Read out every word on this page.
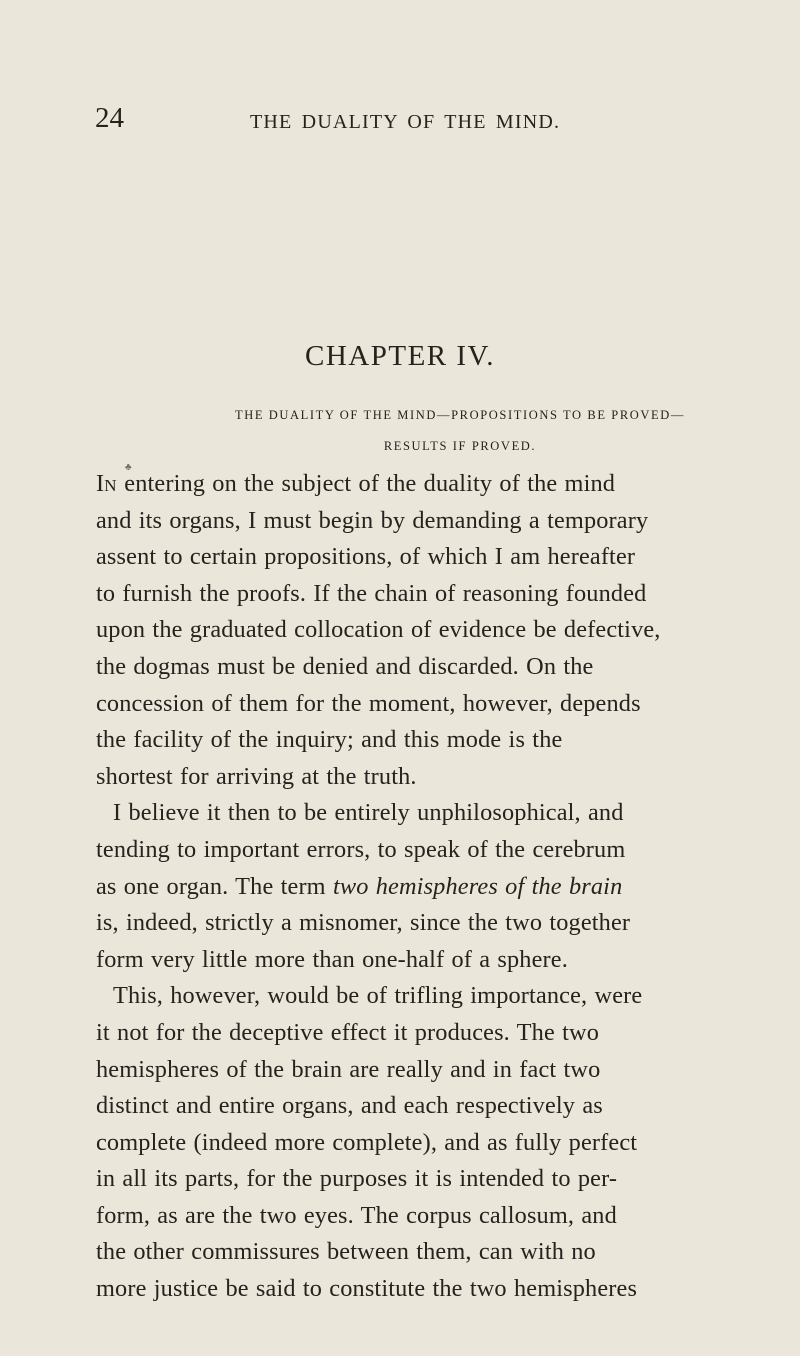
24	THE DUALITY OF THE MIND.
CHAPTER IV.
THE DUALITY OF THE MIND—PROPOSITIONS TO BE PROVED—
RESULTS IF PROVED.
♣
IN entering on the subject of the duality of the mind
and its organs, I must begin by demanding a temporary
assent to certain propositions, of which I am hereafter
to furnish the proofs. If the chain of reasoning founded
upon the graduated collocation of evidence be defective,
the dogmas must be denied and discarded. On the
concession of them for the moment, however, depends
the facility of the inquiry; and this mode is the
shortest for arriving at the truth.
I believe it then to be entirely unphilosophical, and
tending to important errors, to speak of the cerebrum
as one organ. The term two hemispheres of the brain
is, indeed, strictly a misnomer, since the two together
form very little more than one-half of a sphere.
This, however, would be of trifling importance, were
it not for the deceptive effect it produces. The two
hemispheres of the brain are really and in fact two
distinct and entire organs, and each respectively as
complete (indeed more complete), and as fully perfect
in all its parts, for the purposes it is intended to per-
form, as are the two eyes. The corpus callosum, and
the other commissures between them, can with no
more justice be said to constitute the two hemispheres
